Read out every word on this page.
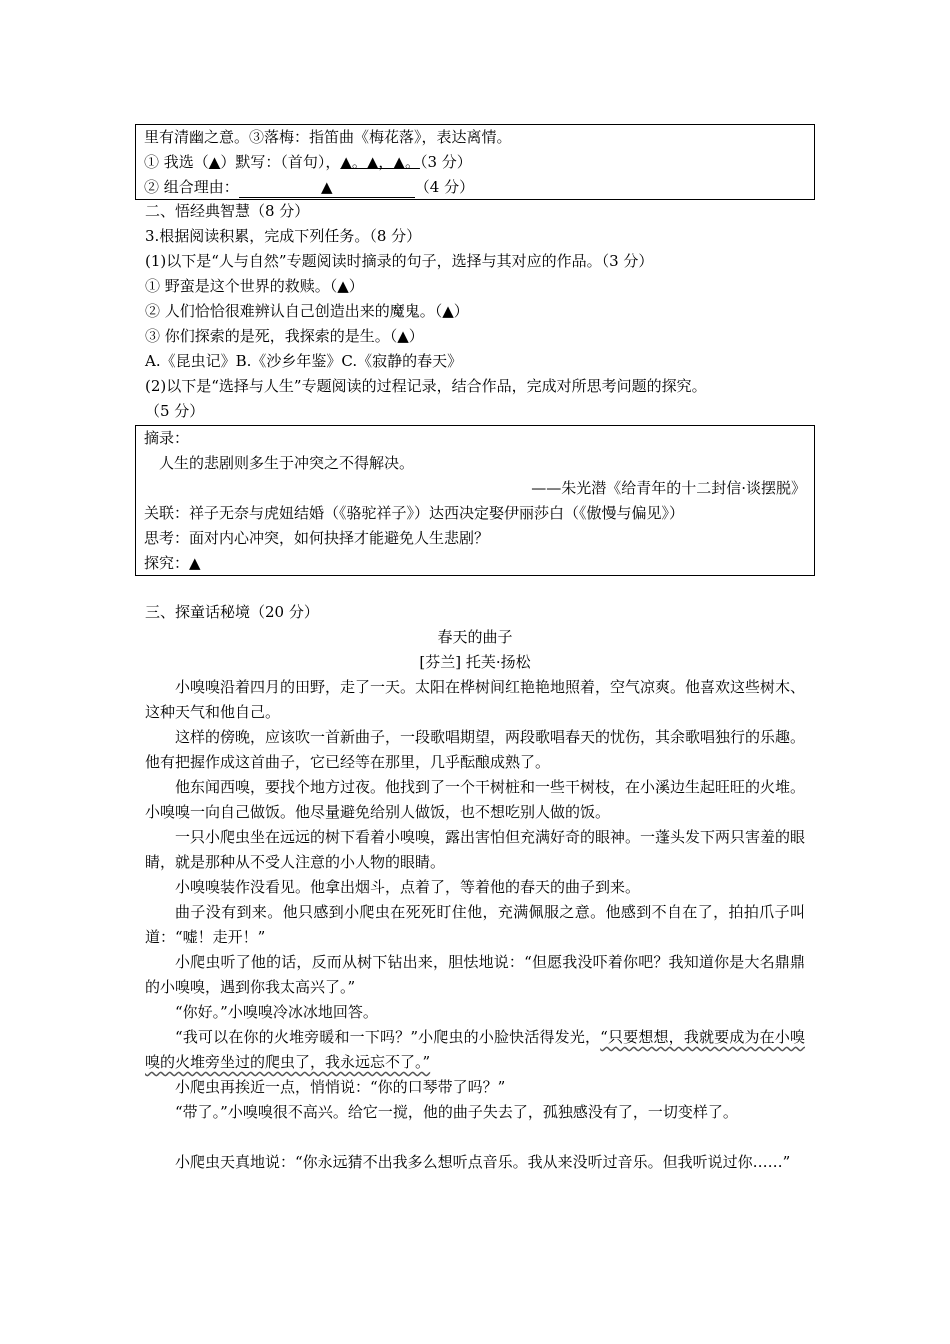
里有清幽之意。③落梅：指笛曲《梅花落》，表达离情。
① 我选（▲）默写：（首句），▲。▲，▲。（3 分）
② 组合理由：	▲	（4 分）
二、悟经典智慧（8 分）
3.根据阅读积累，完成下列任务。（8 分）
(1)以下是“人与自然”专题阅读时摘录的句子，选择与其对应的作品。（3 分）
① 野蛮是这个世界的救赎。（▲）
② 人们恰恰很难辨认自己创造出来的魔鬼。（▲）
③ 你们探索的是死，我探索的是生。（▲）
A.《昆虫记》B.《沙乡年鉴》C.《寂静的春天》
(2)以下是“选择与人生”专题阅读的过程记录，结合作品，完成对所思考问题的探究。
（5 分）
摘录：
人生的悲剧则多生于冲突之不得解决。
——朱光潜《给青年的十二封信·谈摆脱》
关联：祥子无奈与虎妞结婚（《骆驼祥子》）达西决定娶伊丽莎白（《傲慢与偏见》）
思考：面对内心冲突，如何抉择才能避免人生悲剧？
探究：▲
三、探童话秘境（20 分）
春天的曲子
[芬兰] 托芙·扬松
小嗅嗅沿着四月的田野，走了一天。太阳在桦树间红艳艳地照着，空气凉爽。他喜欢这些树木、这种天气和他自己。
这样的傍晚，应该吹一首新曲子，一段歌唱期望，两段歌唱春天的忧伤，其余歌唱独行的乐趣。他有把握作成这首曲子，它已经等在那里，几乎酝酿成熟了。
他东闻西嗅，要找个地方过夜。他找到了一个干树桩和一些干树枝，在小溪边生起旺旺的火堆。小嗅嗅一向自己做饭。他尽量避免给别人做饭，也不想吃别人做的饭。
一只小爬虫坐在远远的树下看着小嗅嗅，露出害怕但充满好奇的眼神。一蓬头发下两只害羞的眼睛，就是那种从不受人注意的小人物的眼睛。
小嗅嗅装作没看见。他拿出烟斗，点着了，等着他的春天的曲子到来。
曲子没有到来。他只感到小爬虫在死死盯住他，充满佩服之意。他感到不自在了，拍拍爪子叫道：“嘘！走开！”
小爬虫听了他的话，反而从树下钻出来，胆怯地说：“但愿我没吓着你吧？我知道你是大名鼎鼎的小嗅嗅，遇到你我太高兴了。”
“你好。”小嗅嗅冷冰冰地回答。
“我可以在你的火堆旁暖和一下吗？”小爬虫的小脸快活得发光，“只要想想，我就要成为在小嗅嗅的火堆旁坐过的爬虫了，我永远忘不了。”
小爬虫再挨近一点，悄悄说：“你的口琴带了吗？”
“带了。”小嗅嗅很不高兴。给它一搅，他的曲子失去了，孤独感没有了，一切变样了。
小爬虫天真地说：“你永远猜不出我多么想听点音乐。我从来没听过音乐。但我听说过你……”
